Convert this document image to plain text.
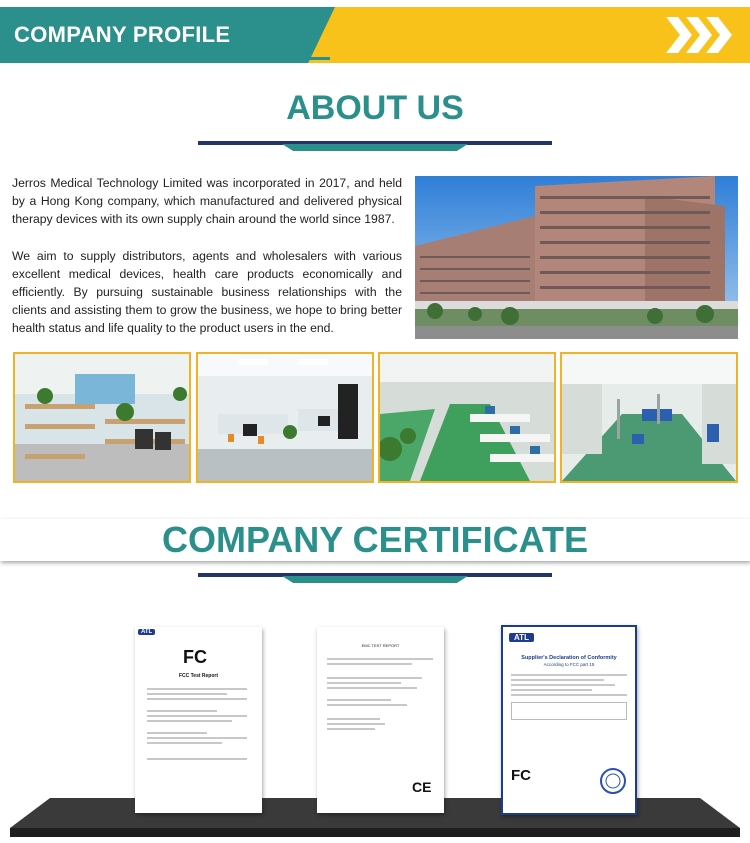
COMPANY PROFILE
ABOUT US

Jerros Medical Technology Limited was incorporated in 2017, and held by a Hong Kong company, which manufactured and delivered physical therapy devices with its own supply chain around the world since 1987.

We aim to supply distributors, agents and wholesalers with various excellent medical devices, health care products economically and efficiently. By pursuing sustainable business relationships with the clients and assisting them to grow the business, we hope to bring better health status and life quality to the product users in the end.

COMPANY CERTIFICATE
ATL
FC
FCC Test Report
EMC TEST REPORT
CE
ATL
Supplier's Declaration of Conformity
According to FCC part 15
FC
